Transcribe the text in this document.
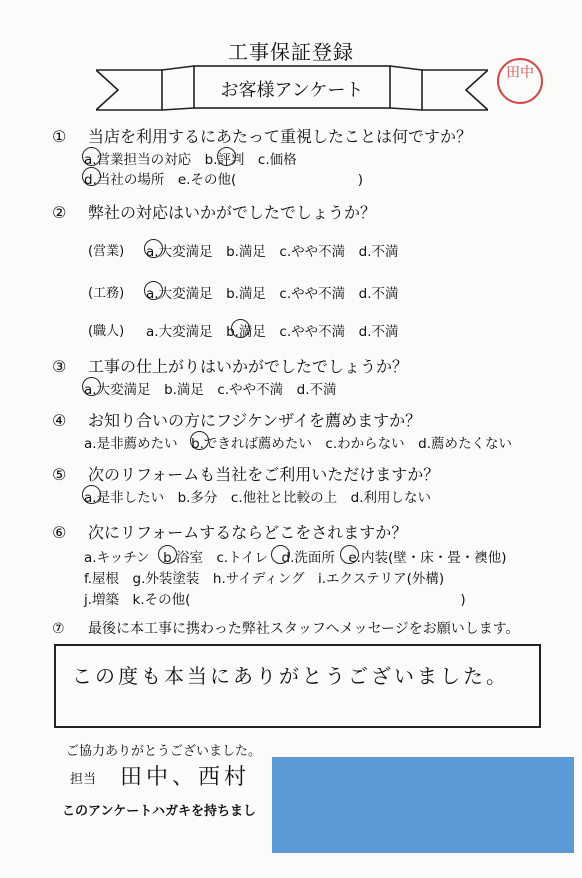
工事保証登録
お客様アンケート
田中
① 当店を利用するにあたって重視したことは何ですか？
a.営業担当の対応　b.評判　c.価格
d.当社の場所　e.その他(　　　　　　　　　)
② 弊社の対応はいかがでしたでしょうか？
(営業) a.大変満足　b.満足　c.やや不満　d.不満
(工務) a.大変満足　b.満足　c.やや不満　d.不満
(職人) a.大変満足　b.満足　c.やや不満　d.不満
③ 工事の仕上がりはいかがでしたでしょうか？
a.大変満足　b.満足　c.やや不満　d.不満
④ お知り合いの方にフジケンザイを薦めますか？
a.是非薦めたい　b.できれば薦めたい　c.わからない　d.薦めたくない
⑤ 次のリフォームも当社をご利用いただけますか？
a.是非したい　b.多分　c.他社と比較の上　d.利用しない
⑥ 次にリフォームするならどこをされますか？
a.キッチン　b.浴室　c.トイレ　d.洗面所　e.内装(壁・床・畳・襖他)
f.屋根　g.外装塗装　h.サイディング　i.エクステリア(外構)
j.増築　k.その他(　　　　　　　　　　　　　　　　　　　　)
⑦ 最後に本工事に携わった弊社スタッフへメッセージをお願いします。
この度も本当にありがとうございました。
ご協力ありがとうございました。
担当 田中、西村
このアンケートハガキを持ちまし
